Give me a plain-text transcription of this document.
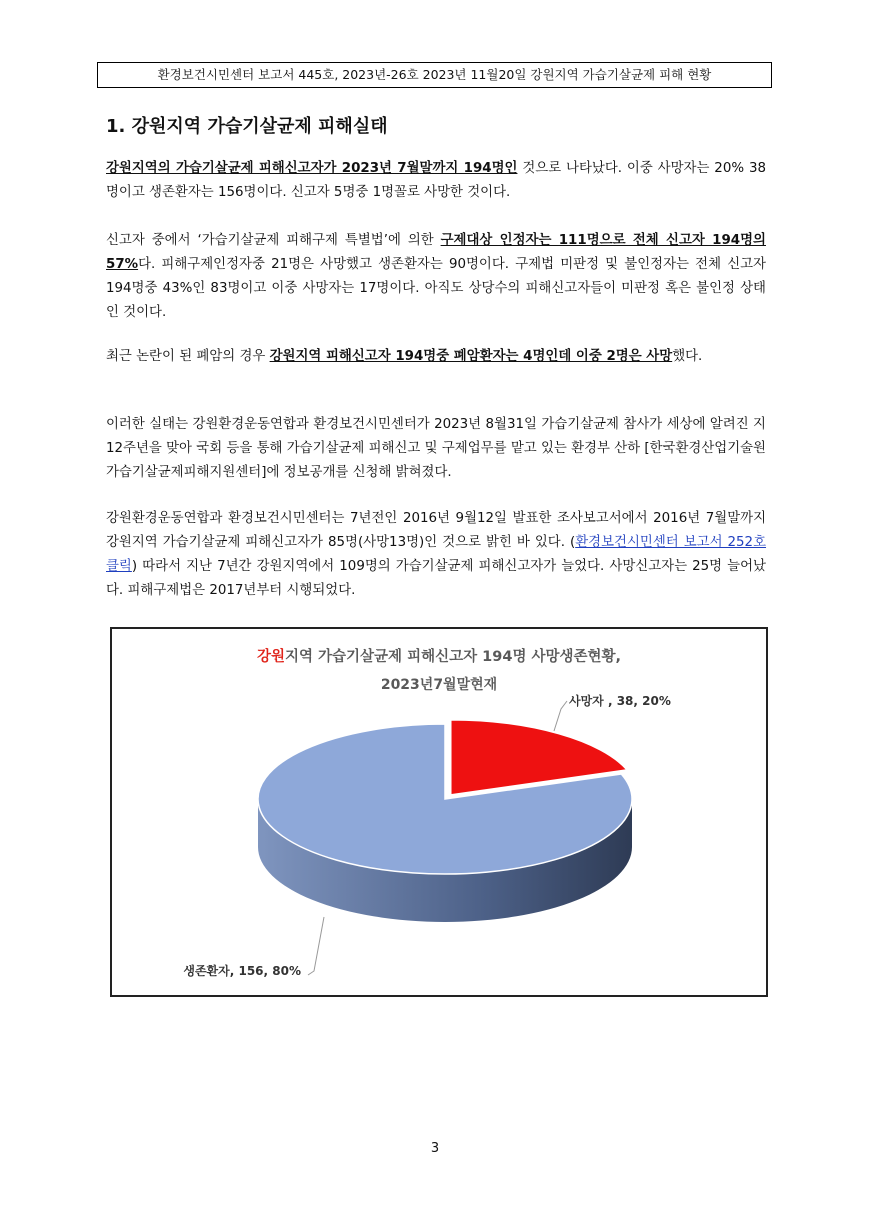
환경보건시민센터 보고서 445호, 2023년-26호 2023년 11월20일 강원지역 가습기살균제 피해 현황
1. 강원지역 가습기살균제 피해실태
강원지역의 가습기살균제 피해신고자가 2023년 7월말까지 194명인 것으로 나타났다. 이중 사망자는 20% 38명이고 생존환자는 156명이다. 신고자 5명중 1명꼴로 사망한 것이다.
신고자 중에서 ‘가습기살균제 피해구제 특별법’에 의한 구제대상 인정자는 111명으로 전체 신고자 194명의 57%다. 피해구제인정자중 21명은 사망했고 생존환자는 90명이다. 구제법 미판정 및 불인정자는 전체 신고자 194명중 43%인 83명이고 이중 사망자는 17명이다. 아직도 상당수의 피해신고자들이 미판정 혹은 불인정 상태인 것이다.
최근 논란이 된 폐암의 경우 강원지역 피해신고자 194명중 폐암환자는 4명인데 이중 2명은 사망했다.
이러한 실태는 강원환경운동연합과 환경보건시민센터가 2023년 8월31일 가습기살균제 참사가 세상에 알려진 지 12주년을 맞아 국회 등을 통해 가습기살균제 피해신고 및 구제업무를 맡고 있는 환경부 산하 [한국환경산업기술원 가습기살균제피해지원센터]에 정보공개를 신청해 밝혀졌다.
강원환경운동연합과 환경보건시민센터는 7년전인 2016년 9월12일 발표한 조사보고서에서 2016년 7월말까지 강원지역 가습기살균제 피해신고자가 85명(사망13명)인 것으로 밝힌 바 있다. (환경보건시민센터 보고서 252호 클릭) 따라서 지난 7년간 강원지역에서 109명의 가습기살균제 피해신고자가 늘었다. 사망신고자는 25명 늘어났다. 피해구제법은 2017년부터 시행되었다.
강원지역 가습기살균제 피해신고자 194명 사망생존현황,
2023년7월말현재
사망자 , 38, 20%
생존환자, 156, 80%
3
